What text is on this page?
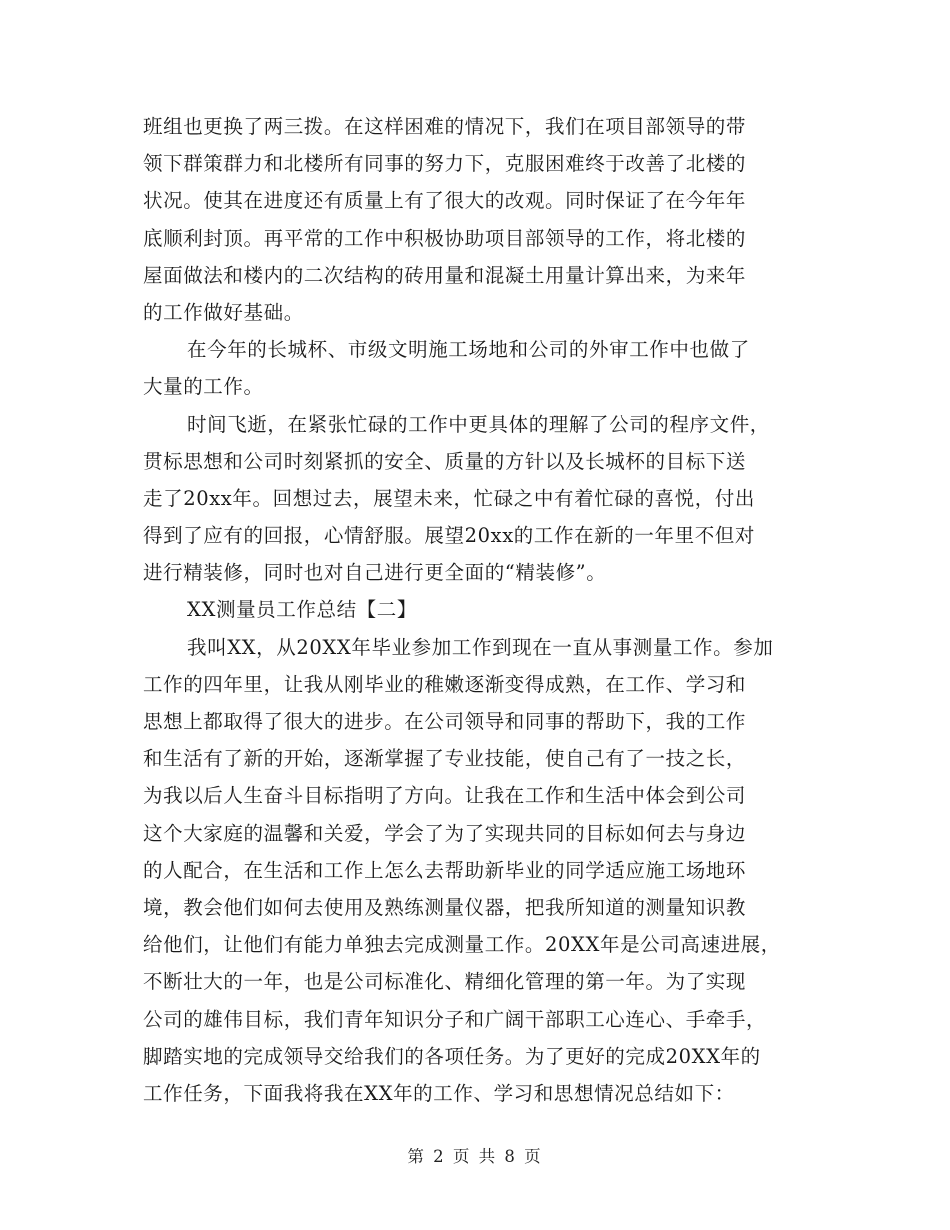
班组也更换了两三拨。在这样困难的情况下，我们在项目部领导的带
领下群策群力和北楼所有同事的努力下，克服困难终于改善了北楼的
状况。使其在进度还有质量上有了很大的改观。同时保证了在今年年
底顺利封顶。再平常的工作中积极协助项目部领导的工作，将北楼的
屋面做法和楼内的二次结构的砖用量和混凝土用量计算出来，为来年
的工作做好基础。
在今年的长城杯、市级文明施工场地和公司的外审工作中也做了
大量的工作。
时间飞逝，在紧张忙碌的工作中更具体的理解了公司的程序文件，
贯标思想和公司时刻紧抓的安全、质量的方针以及长城杯的目标下送
走了20xx年。回想过去，展望未来，忙碌之中有着忙碌的喜悦，付出
得到了应有的回报，心情舒服。展望20xx的工作在新的一年里不但对
进行精装修，同时也对自己进行更全面的“精装修”。
XX测量员工作总结【二】
我叫XX，从20XX年毕业参加工作到现在一直从事测量工作。参加
工作的四年里，让我从刚毕业的稚嫩逐渐变得成熟，在工作、学习和
思想上都取得了很大的进步。在公司领导和同事的帮助下，我的工作
和生活有了新的开始，逐渐掌握了专业技能，使自己有了一技之长，
为我以后人生奋斗目标指明了方向。让我在工作和生活中体会到公司
这个大家庭的温馨和关爱，学会了为了实现共同的目标如何去与身边
的人配合，在生活和工作上怎么去帮助新毕业的同学适应施工场地环
境，教会他们如何去使用及熟练测量仪器，把我所知道的测量知识教
给他们，让他们有能力单独去完成测量工作。20XX年是公司高速进展，
不断壮大的一年，也是公司标准化、精细化管理的第一年。为了实现
公司的雄伟目标，我们青年知识分子和广阔干部职工心连心、手牵手，
脚踏实地的完成领导交给我们的各项任务。为了更好的完成20XX年的
工作任务，下面我将我在XX年的工作、学习和思想情况总结如下：
第 2 页 共 8 页
